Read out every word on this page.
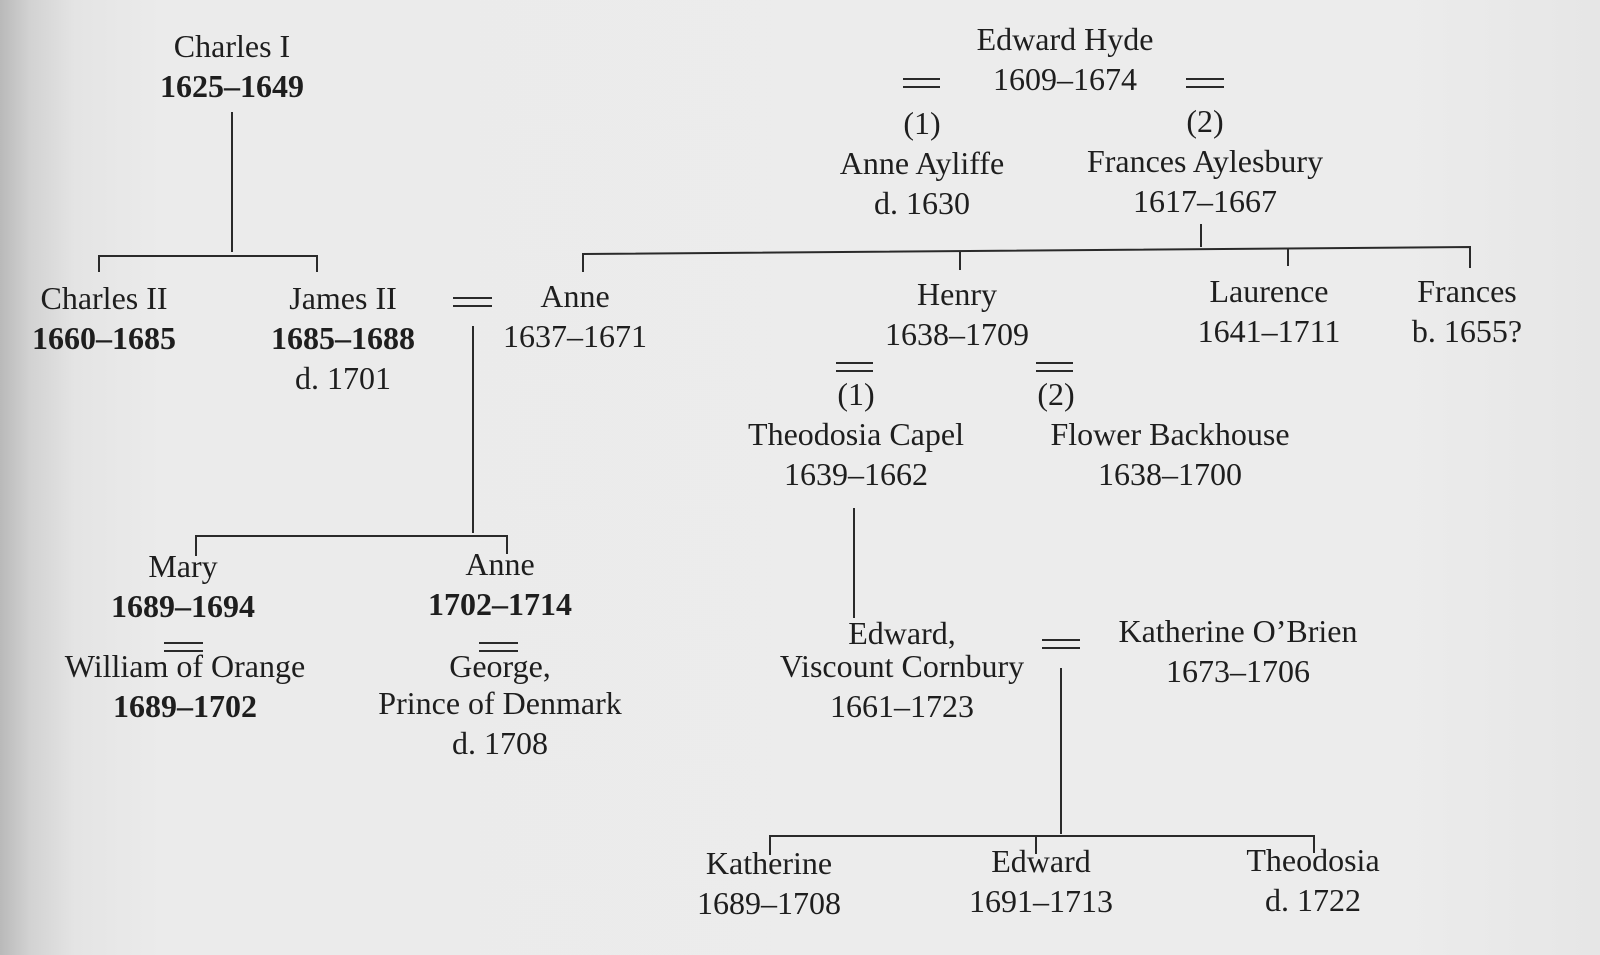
Charles I
1625–1649
Edward Hyde
1609–1674
(1)
Anne Ayliffe
d. 1630
(2)
Frances Aylesbury
1617–1667
Charles II
1660–1685
James II
1685–1688
d. 1701
Anne
1637–1671
Henry
1638–1709
Laurence
1641–1711
Frances
b. 1655?
(1)
Theodosia Capel
1639–1662
(2)
Flower Backhouse
1638–1700
Mary
1689–1694
William of Orange
1689–1702
Anne
1702–1714
George,
Prince of Denmark
d. 1708
Edward,
Viscount Cornbury
1661–1723
Katherine O’Brien
1673–1706
Katherine
1689–1708
Edward
1691–1713
Theodosia
d. 1722
